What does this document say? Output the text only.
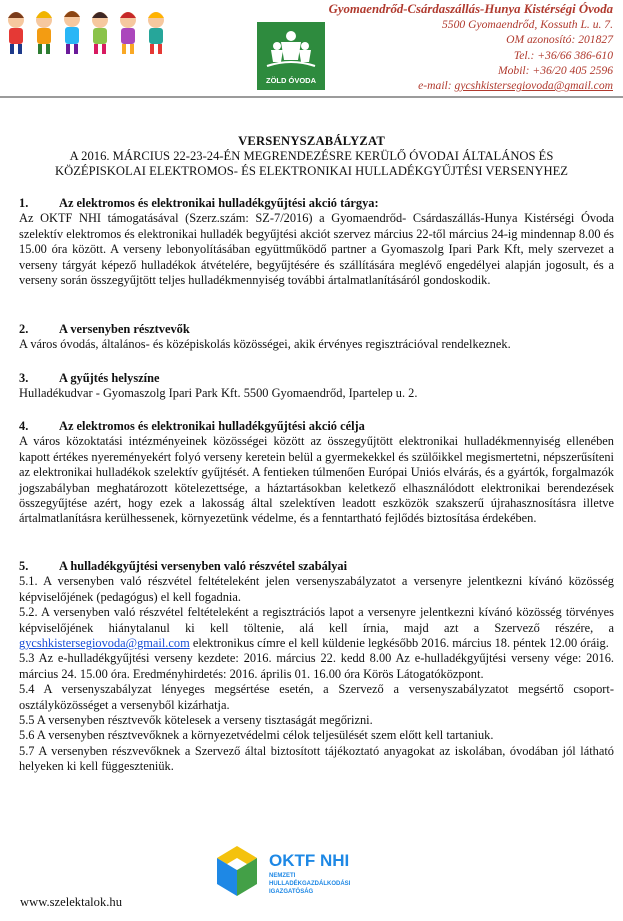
ZÖLD ÓVODA
Gyomaendrőd-Csárdaszállás-Hunya Kistérségi Óvoda
5500 Gyomaendrőd, Kossuth L. u. 7.
OM azonosító: 201827
Tel.: +36/66 386-610
Mobil: +36/20 405 2596
e-mail: gycshkistersegiovoda@gmail.com
VERSENYSZABÁLYZAT
A 2016. MÁRCIUS 22-23-24-ÉN MEGRENDEZÉSRE KERÜLŐ ÓVODAI ÁLTALÁNOS ÉS
KÖZÉPISKOLAI ELEKTROMOS- ÉS ELEKTRONIKAI HULLADÉKGYŰJTÉSI VERSENYHEZ
1.	Az elektromos és elektronikai hulladékgyűjtési akció tárgya:
Az OKTF NHI támogatásával (Szerz.szám: SZ-7/2016) a Gyomaendrőd- Csárdaszállás-Hunya Kistérségi Óvoda szelektív elektromos és elektronikai hulladék begyűjtési akciót szervez március 22-től március 24-ig mindennap 8.00 és 15.00 óra között. A verseny lebonyolításában együttműködő partner a Gyomaszolg Ipari Park Kft, mely szervezet a verseny tárgyát képező hulladékok átvételére, begyűjtésére és szállítására meglévő engedélyei alapján jogosult, és a verseny során összegyűjtött teljes hulladékmennyiség további ártalmatlanításáról gondoskodik.
2.	A versenyben résztvevők
A város óvodás, általános- és középiskolás közösségei, akik érvényes regisztrációval rendelkeznek.
3.	A gyűjtés helyszíne
Hulladékudvar - Gyomaszolg Ipari Park Kft. 5500 Gyomaendrőd, Ipartelep u. 2.
4.	Az elektromos és elektronikai hulladékgyűjtési akció célja
A város közoktatási intézményeinek közösségei között az összegyűjtött elektronikai hulladékmennyiség ellenében kapott értékes nyereményekért folyó verseny keretein belül a gyermekekkel és szülőikkel megismertetni, népszerűsíteni az elektronikai hulladékok szelektív gyűjtését. A fentieken túlmenően Európai Uniós elvárás, és a gyártók, forgalmazók jogszabályban meghatározott kötelezettsége, a háztartásokban keletkező elhasználódott elektronikai berendezések összegyűjtése azért, hogy ezek a lakosság által szelektíven leadott eszközök szakszerű újrahasznosításra illetve ártalmatlanításra kerülhessenek, környezetünk védelme, és a fenntartható fejlődés biztosítása érdekében.
5.	A hulladékgyűjtési versenyben való részvétel szabályai
5.1. A versenyben való részvétel feltételeként jelen versenyszabályzatot a versenyre jelentkezni kívánó közösség képviselőjének (pedagógus) el kell fogadnia.
5.2. A versenyben való részvétel feltételeként a regisztrációs lapot a versenyre jelentkezni kívánó közösség törvényes képviselőjének hiánytalanul ki kell töltenie, alá kell írnia, majd azt a Szervező részére, a gycshkistersegiovoda@gmail.com elektronikus címre el kell küldenie legkésőbb 2016. március 18. péntek 12.00 óráig.
5.3 Az e-hulladékgyűjtési verseny kezdete: 2016. március 22. kedd 8.00 Az e-hulladékgyűjtési verseny vége: 2016. március 24. 15.00 óra. Eredményhirdetés: 2016. április 01. 16.00 óra Körös Látogatóközpont.
5.4 A versenyszabályzat lényeges megsértése esetén, a Szervező a versenyszabályzatot megsértő csoport-osztályközösséget a versenyből kizárhatja.
5.5 A versenyben résztvevők kötelesek a verseny tisztaságát megőrizni.
5.6 A versenyben résztvevőknek a környezetvédelmi célok teljesülését szem előtt kell tartaniuk.
5.7 A versenyben részvevőknek a Szervező által biztosított tájékoztató anyagokat az iskolában, óvodában jól látható helyeken ki kell függeszteniük.
OKTF NHI
NEMZETI
HULLADÉKGAZDÁLKODÁSI
IGAZGATÓSÁG
www.szelektalok.hu
